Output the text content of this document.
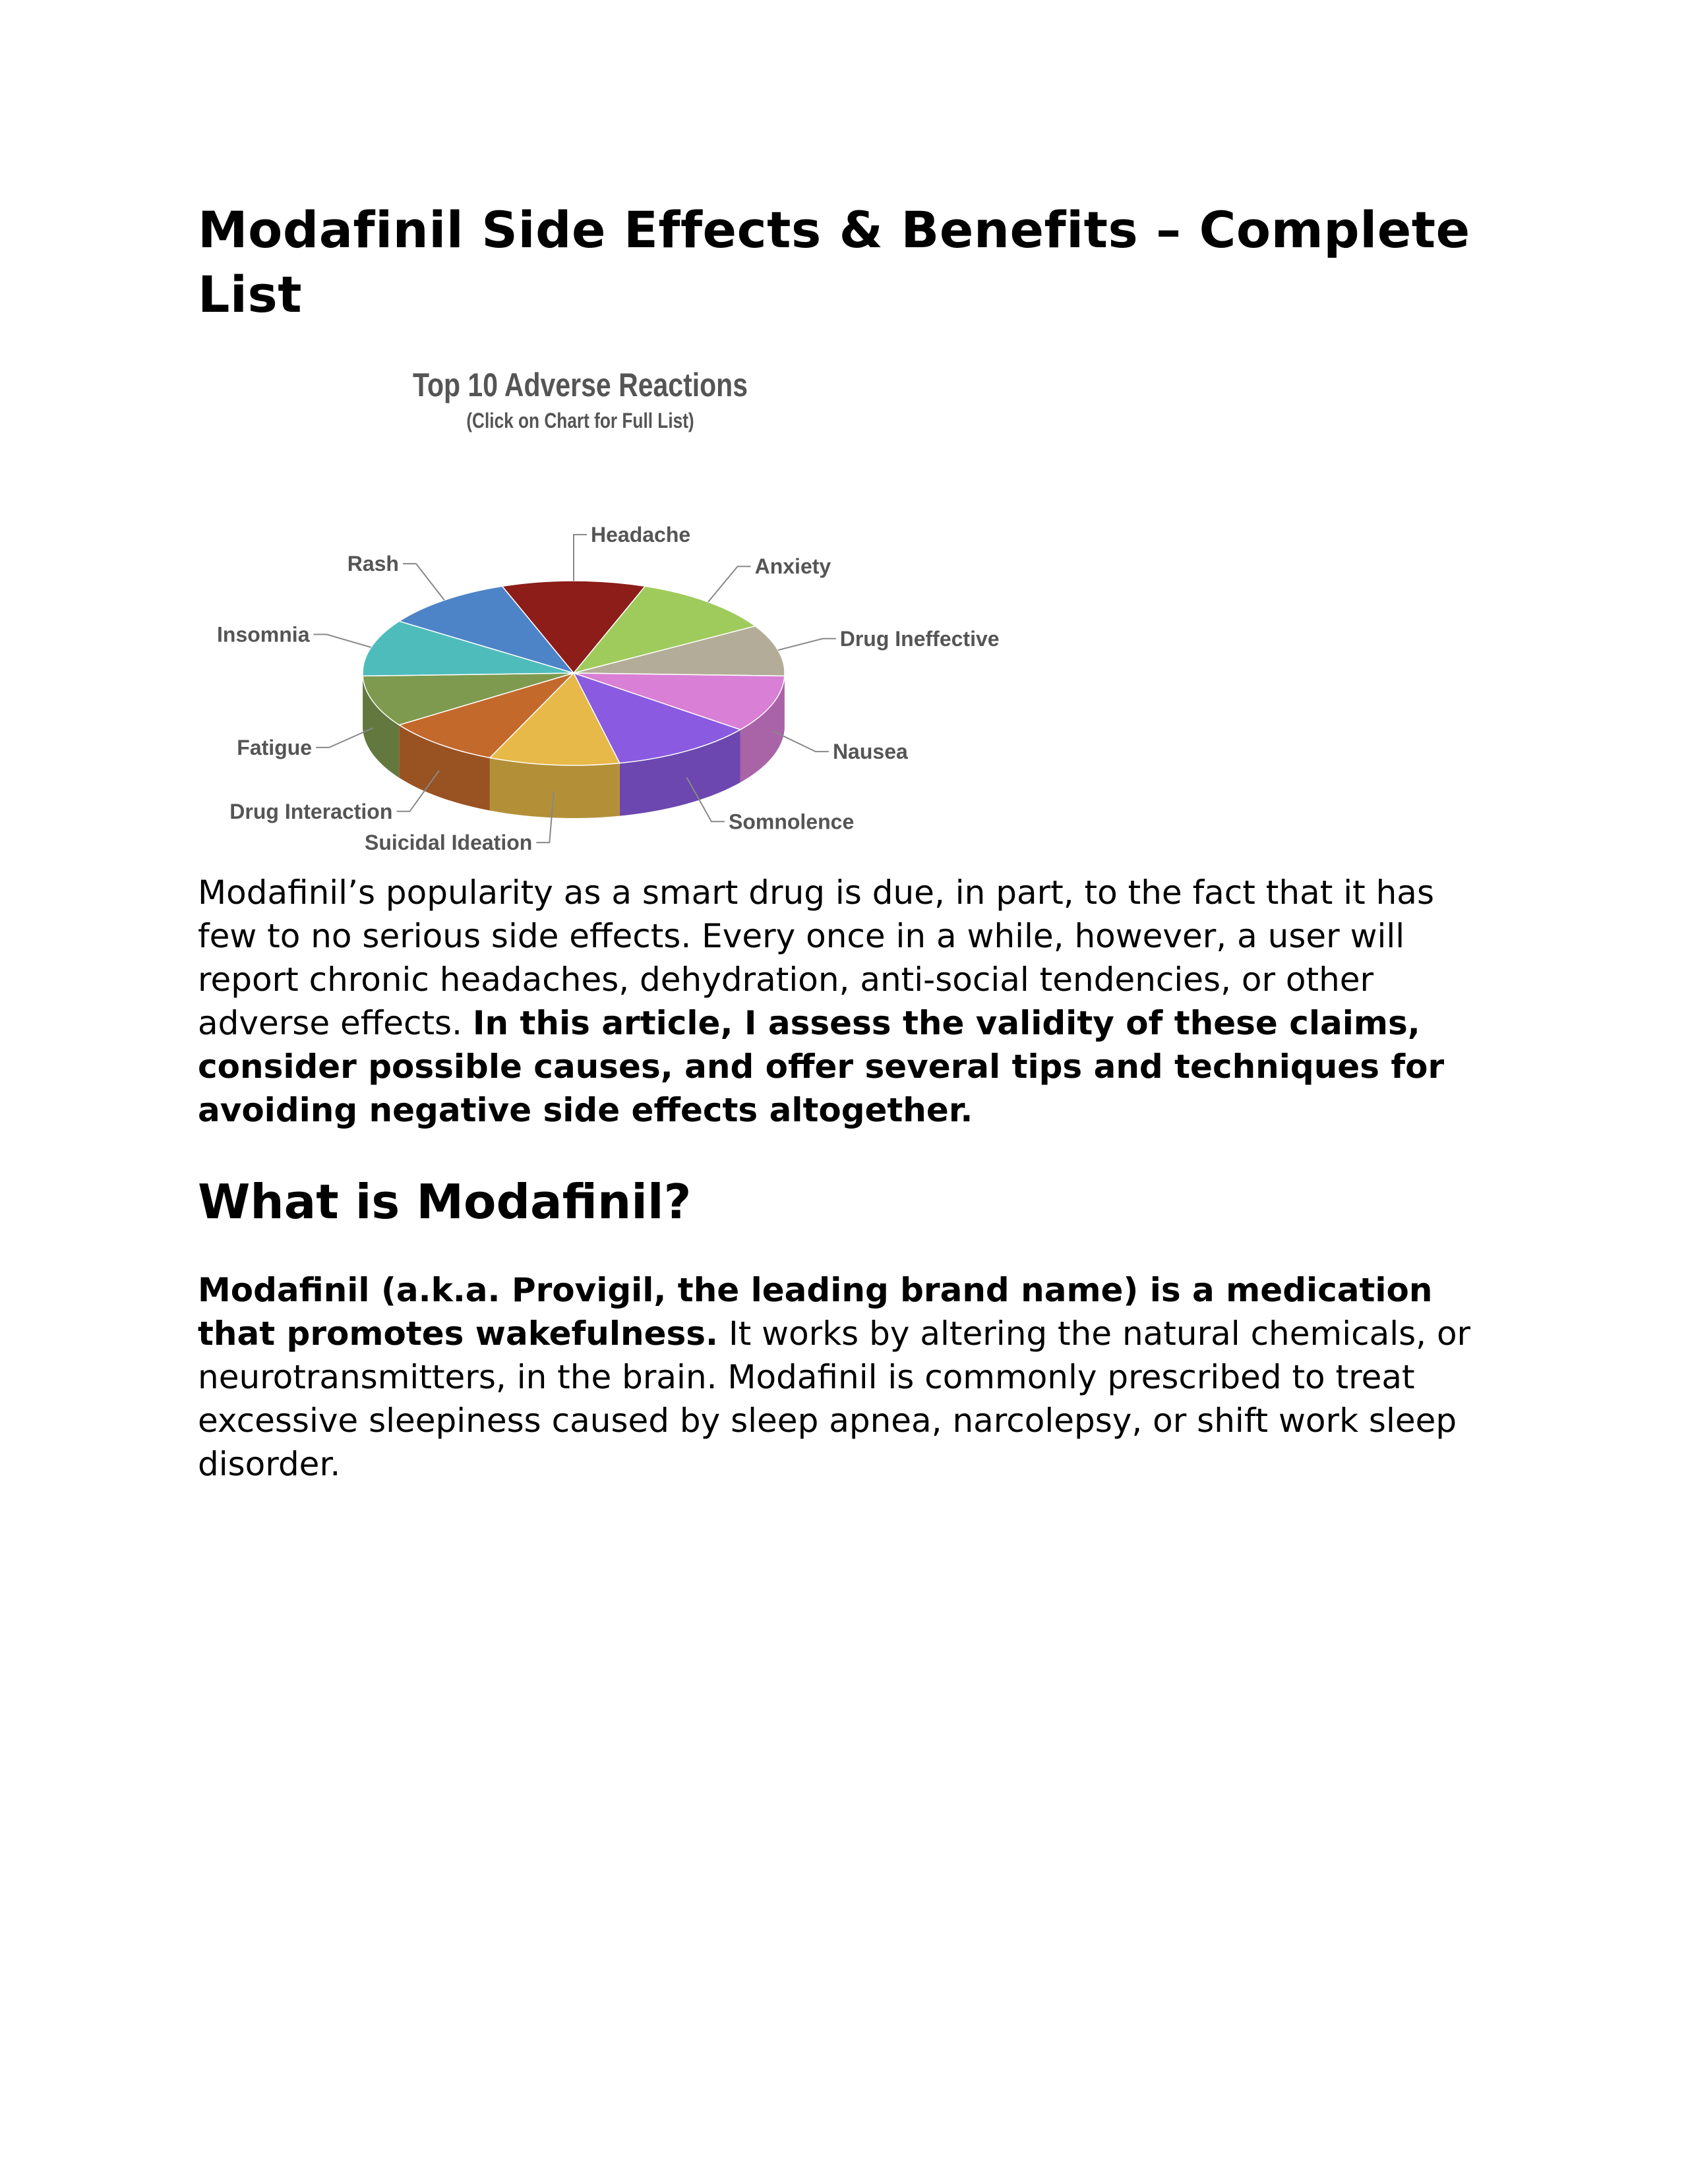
Modafinil Side Effects & Benefits – Complete List
Top 10 Adverse Reactions
(Click on Chart for Full List)
Headache
Anxiety
Drug Ineffective
Nausea
Somnolence
Suicidal Ideation
Drug Interaction
Fatigue
Insomnia
Rash

Modafinil’s popularity as a smart drug is due, in part, to the fact that it has few to no serious side effects. Every once in a while, however, a user will report chronic headaches, dehydration, anti-social tendencies, or other adverse effects. In this article, I assess the validity of these claims, consider possible causes, and offer several tips and techniques for avoiding negative side effects altogether.

What is Modafinil?

Modafinil (a.k.a. Provigil, the leading brand name) is a medication that promotes wakefulness. It works by altering the natural chemicals, or neurotransmitters, in the brain. Modafinil is commonly prescribed to treat excessive sleepiness caused by sleep apnea, narcolepsy, or shift work sleep disorder.
